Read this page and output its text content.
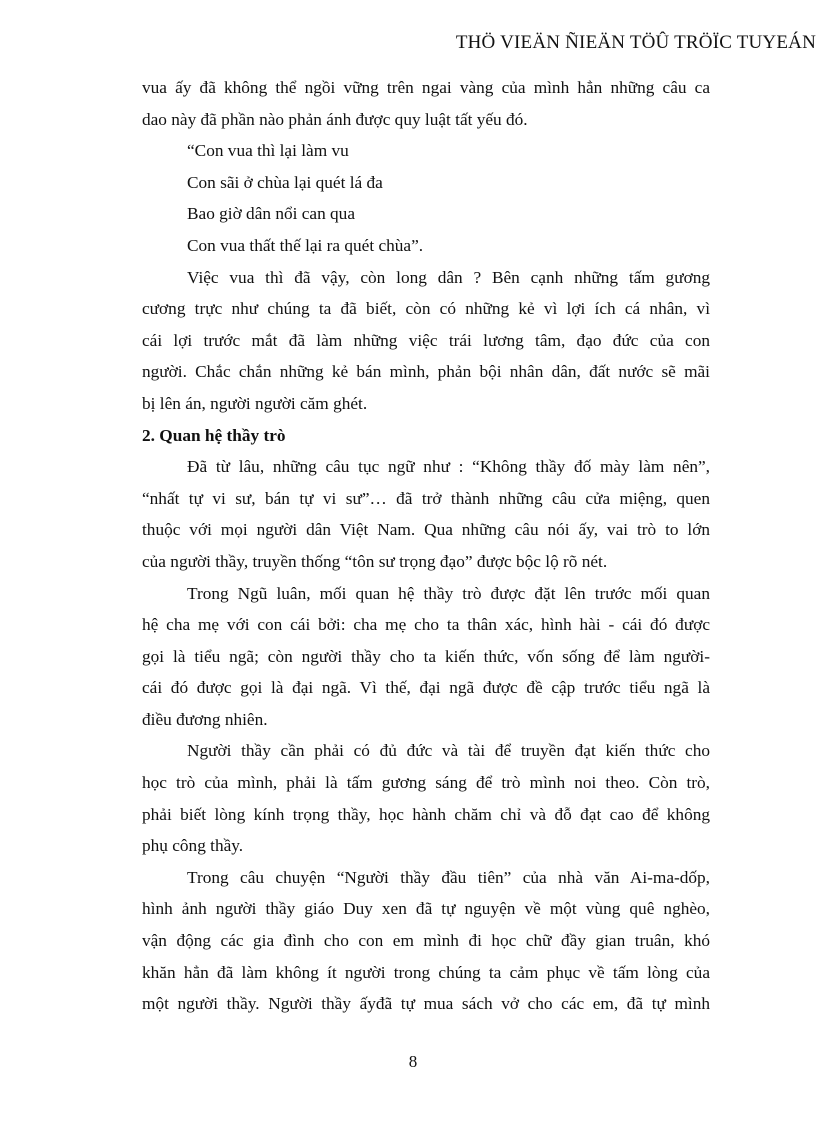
THÖ VIEÄN ÑIEÄN TÖÛ TRÖÏC TUYEÁN
vua ấy đã không thể ngồi vững trên ngai vàng của mình hẳn những câu ca
dao này đã phần nào phản ánh được quy luật tất yếu đó.
“Con vua thì lại làm vu
Con sãi ở chùa lại quét lá đa
Bao giờ dân nổi can qua
Con vua thất thế lại ra quét chùa”.
Việc vua thì đã vậy, còn long dân ? Bên cạnh những tấm gương
cương trực như chúng ta đã biết, còn có những kẻ vì lợi ích cá nhân, vì
cái lợi trước mắt đã làm những việc trái lương tâm, đạo đức của con
người. Chắc chắn những kẻ bán mình, phản bội nhân dân, đất nước sẽ mãi
bị lên án, người người căm ghét.
2. Quan hệ thầy trò
Đã từ lâu, những câu tục ngữ như : “Không thầy đố mày làm nên”,
“nhất tự vi sư, bán tự vi sư”… đã trở thành những câu cửa miệng, quen
thuộc với mọi người dân Việt Nam. Qua những câu nói ấy, vai trò to lớn
của người thầy, truyền thống “tôn sư trọng đạo” được bộc lộ rõ nét.
Trong Ngũ luân, mối quan hệ thầy trò được đặt lên trước mối quan
hệ cha mẹ với con cái bởi: cha mẹ cho ta thân xác, hình hài - cái đó được
gọi là tiểu ngã; còn người thầy cho ta kiến thức, vốn sống để làm người-
cái đó được gọi là đại ngã. Vì thế, đại ngã được đề cập trước tiểu ngã là
điều đương nhiên.
Người thầy cần phải có đủ đức và tài để truyền đạt kiến thức cho
học trò của mình, phải là tấm gương sáng để trò mình noi theo. Còn trò,
phải biết lòng kính trọng thầy, học hành chăm chỉ và đỗ đạt cao để không
phụ công thầy.
Trong câu chuyện “Người thầy đầu tiên” của nhà văn Ai-ma-dốp,
hình ảnh người thầy giáo Duy xen đã tự nguyện về một vùng quê nghèo,
vận động các gia đình cho con em mình đi học chữ đầy gian truân, khó
khăn hẳn đã làm không ít người trong chúng ta cảm phục về tấm lòng của
một người thầy. Người thầy ấyđã tự mua sách vở cho các em, đã tự mình
8
